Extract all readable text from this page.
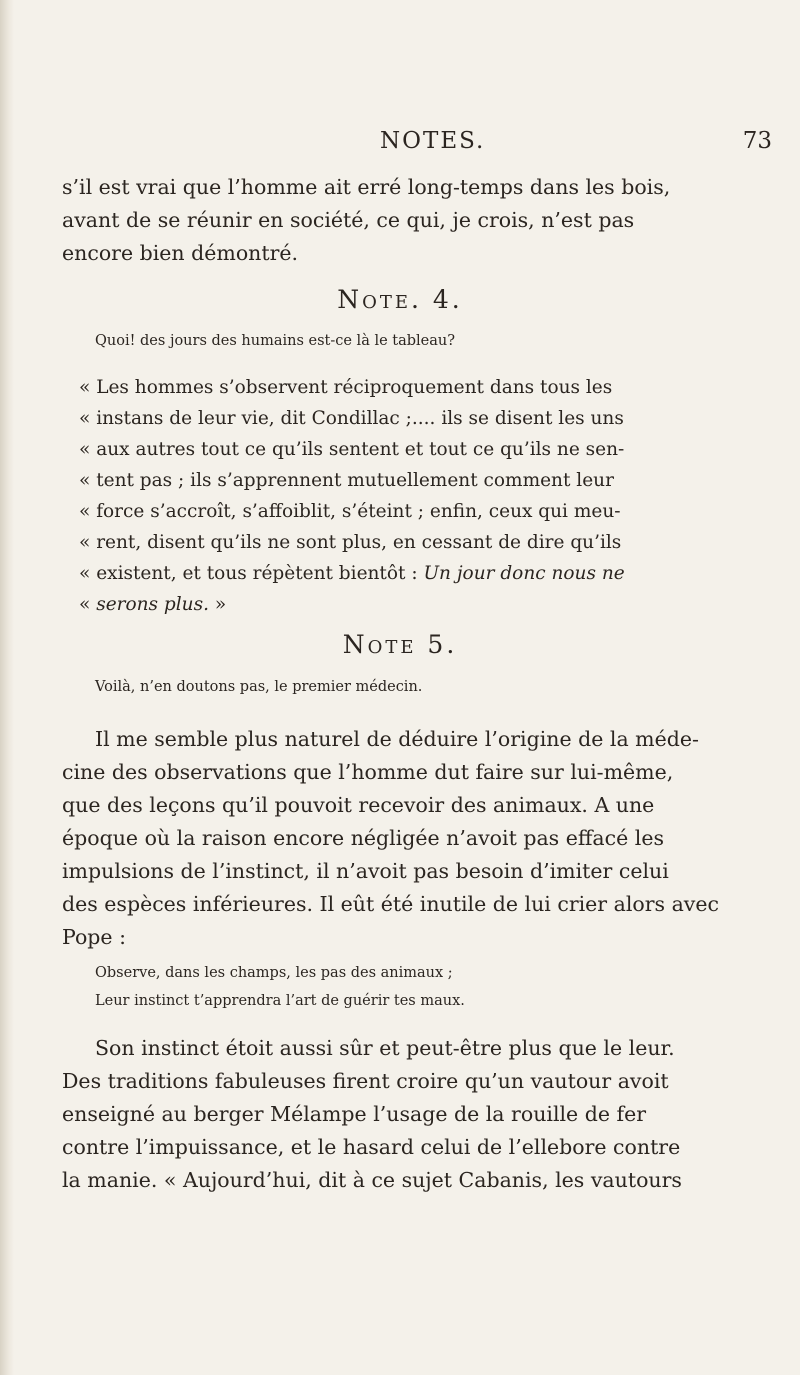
NOTES.	73
s’il est vrai que l’homme ait erré long-temps dans les bois,
avant de se réunir en société, ce qui, je crois, n’est pas
encore bien démontré.
Note. 4.
Quoi! des jours des humains est-ce là le tableau?
« Les hommes s’observent réciproquement dans tous les
« instans de leur vie, dit Condillac ;.... ils se disent les uns
« aux autres tout ce qu’ils sentent et tout ce qu’ils ne sen-
« tent pas ; ils s’apprennent mutuellement comment leur
« force s’accroît, s’affoiblit, s’éteint ; enfin, ceux qui meu-
« rent, disent qu’ils ne sont plus, en cessant de dire qu’ils
« existent, et tous répètent bientôt : Un jour donc nous ne
« serons plus. »
Note 5.
Voilà, n’en doutons pas, le premier médecin.
Il me semble plus naturel de déduire l’origine de la méde-
cine des observations que l’homme dut faire sur lui-même,
que des leçons qu’il pouvoit recevoir des animaux. A une
époque où la raison encore négligée n’avoit pas effacé les
impulsions de l’instinct, il n’avoit pas besoin d’imiter celui
des espèces inférieures. Il eût été inutile de lui crier alors avec
Pope :
Observe, dans les champs, les pas des animaux ;
Leur instinct t’apprendra l’art de guérir tes maux.
Son instinct étoit aussi sûr et peut-être plus que le leur.
Des traditions fabuleuses firent croire qu’un vautour avoit
enseigné au berger Mélampe l’usage de la rouille de fer
contre l’impuissance, et le hasard celui de l’ellebore contre
la manie. « Aujourd’hui, dit à ce sujet Cabanis, les vautours
